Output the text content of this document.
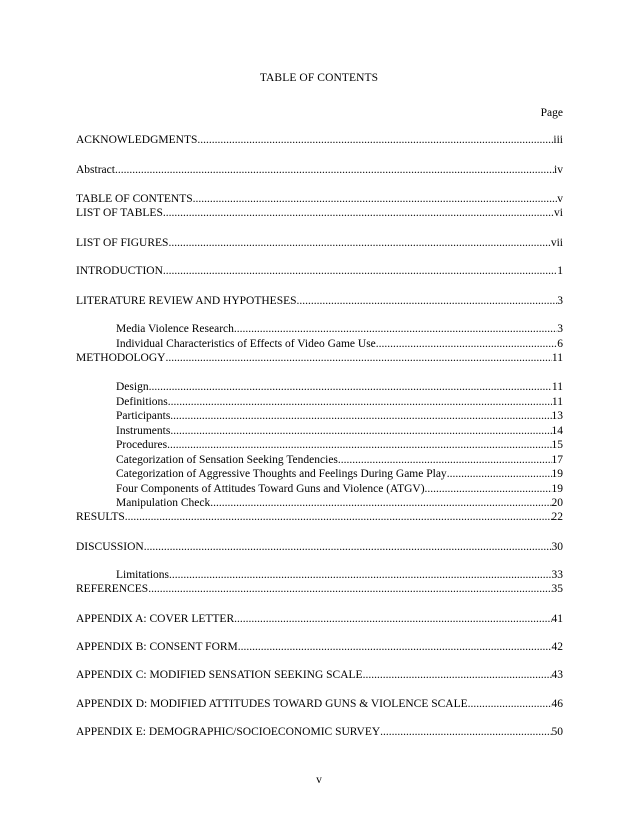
TABLE OF CONTENTS
Page
ACKNOWLEDGMENTS .....	iii
Abstract .....	iv
TABLE OF CONTENTS .....	v
LIST OF TABLES .....	vi
LIST OF FIGURES .....	vii
INTRODUCTION .....	1
LITERATURE REVIEW AND HYPOTHESES .....	3
Media Violence Research .....	3
Individual Characteristics of Effects of Video Game Use .....	6
METHODOLOGY .....	11
Design .....	11
Definitions .....	11
Participants .....	13
Instruments .....	14
Procedures .....	15
Categorization of Sensation Seeking Tendencies .....	17
Categorization of Aggressive Thoughts and Feelings During Game Play .....	19
Four Components of Attitudes Toward Guns and Violence (ATGV) .....	19
Manipulation Check .....	20
RESULTS .....	22
DISCUSSION .....	30
Limitations .....	33
REFERENCES .....	35
APPENDIX A: COVER LETTER .....	41
APPENDIX B: CONSENT FORM .....	42
APPENDIX C: MODIFIED SENSATION SEEKING SCALE .....	43
APPENDIX D: MODIFIED ATTITUDES TOWARD GUNS & VIOLENCE SCALE .....	46
APPENDIX E: DEMOGRAPHIC/SOCIOECONOMIC SURVEY .....	50
v
